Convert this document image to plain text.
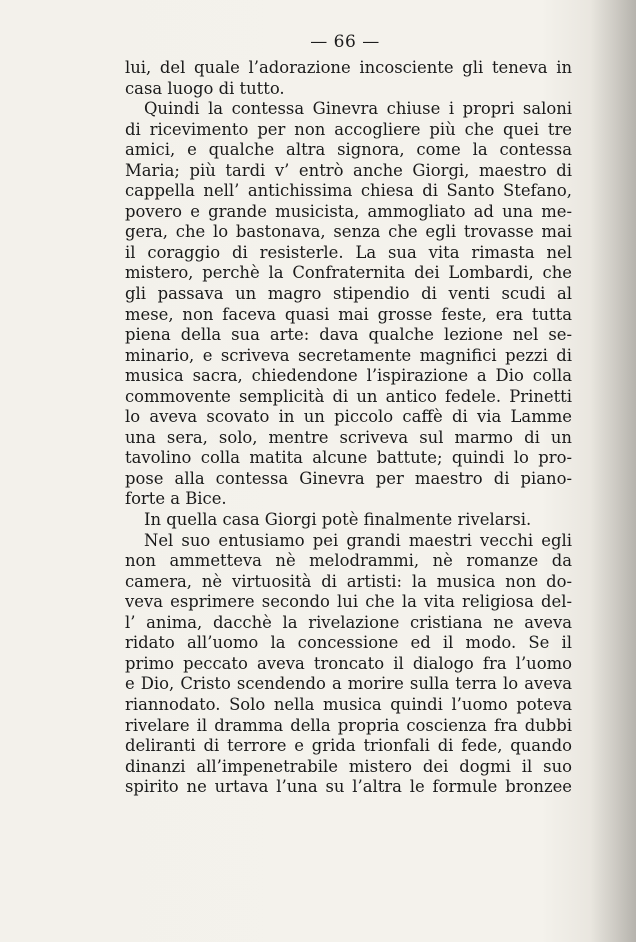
— 66 —
lui, del quale l’adorazione incosciente gli teneva in
casa luogo di tutto.
Quindi la contessa Ginevra chiuse i propri saloni
di ricevimento per non accogliere più che quei tre
amici, e qualche altra signora, come la contessa
Maria; più tardi v’ entrò anche Giorgi, maestro di
cappella nell’ antichissima chiesa di Santo Stefano,
povero e grande musicista, ammogliato ad una me-
gera, che lo bastonava, senza che egli trovasse mai
il coraggio di resisterle. La sua vita rimasta nel
mistero, perchè la Confraternita dei Lombardi, che
gli passava un magro stipendio di venti scudi al
mese, non faceva quasi mai grosse feste, era tutta
piena della sua arte: dava qualche lezione nel se-
minario, e scriveva secretamente magnifici pezzi di
musica sacra, chiedendone l’ispirazione a Dio colla
commovente semplicità di un antico fedele. Prinetti
lo aveva scovato in un piccolo caffè di via Lamme
una sera, solo, mentre scriveva sul marmo di un
tavolino colla matita alcune battute; quindi lo pro-
pose alla contessa Ginevra per maestro di piano-
forte a Bice.
In quella casa Giorgi potè finalmente rivelarsi.
Nel suo entusiamo pei grandi maestri vecchi egli
non ammetteva nè melodrammi, nè romanze da
camera, nè virtuosità di artisti: la musica non do-
veva esprimere secondo lui che la vita religiosa del-
l’ anima, dacchè la rivelazione cristiana ne aveva
ridato all’uomo la concessione ed il modo. Se il
primo peccato aveva troncato il dialogo fra l’uomo
e Dio, Cristo scendendo a morire sulla terra lo aveva
riannodato. Solo nella musica quindi l’uomo poteva
rivelare il dramma della propria coscienza fra dubbi
deliranti di terrore e grida trionfali di fede, quando
dinanzi all’impenetrabile mistero dei dogmi il suo
spirito ne urtava l’una su l’altra le formule bronzee
